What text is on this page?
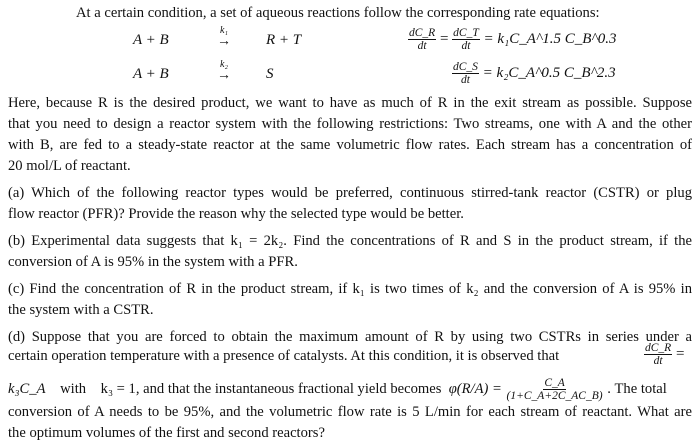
At a certain condition, a set of aqueous reactions follow the corresponding rate equations:
A + B
k₁
→	R + T	$\frac{dC\_R}{dt} = \frac{dC\_T}{dt}$ = k₁C_A^1.5 C_B^0.3
A + B
k₂
→	S	$\frac{dC\_S}{dt}$ = k₂C_A^0.5 C_B^2.3
Here, because R is the desired product, we want to have as much of R in the exit stream as possible. Suppose
that you need to design a reactor system with the following restrictions: Two streams, one with A and the other
with B, are fed to a steady-state reactor at the same volumetric flow rates. Each stream has a concentration of
20 mol/L of reactant.
(a) Which of the following reactor types would be preferred, continuous stirred-tank reactor (CSTR) or plug
flow reactor (PFR)? Provide the reason why the selected type would be better.
(b) Experimental data suggests that k₁ = 2k₂. Find the concentrations of R and S in the product stream, if the
conversion of A is 95% in the system with a PFR.
(c) Find the concentration of R in the product stream, if k₁ is two times of k₂ and the conversion of A is 95% in
the system with a CSTR.
(d) Suppose that you are forced to obtain the maximum amount of R by using two CSTRs in series under a
certain operation temperature with a presence of catalysts. At this condition, it is observed that	$\frac{dC\_R}{dt}$ =
k₃C_A with k₃ = 1, and that the instantaneous fractional yield becomes $\varphi(R/A) = \frac{C\_A}{(1+C\_A+2C\_AC\_B)}$ . The total
conversion of A needs to be 95%, and the volumetric flow rate is 5 L/min for each stream of reactant. What are
the optimum volumes of the first and second reactors?
